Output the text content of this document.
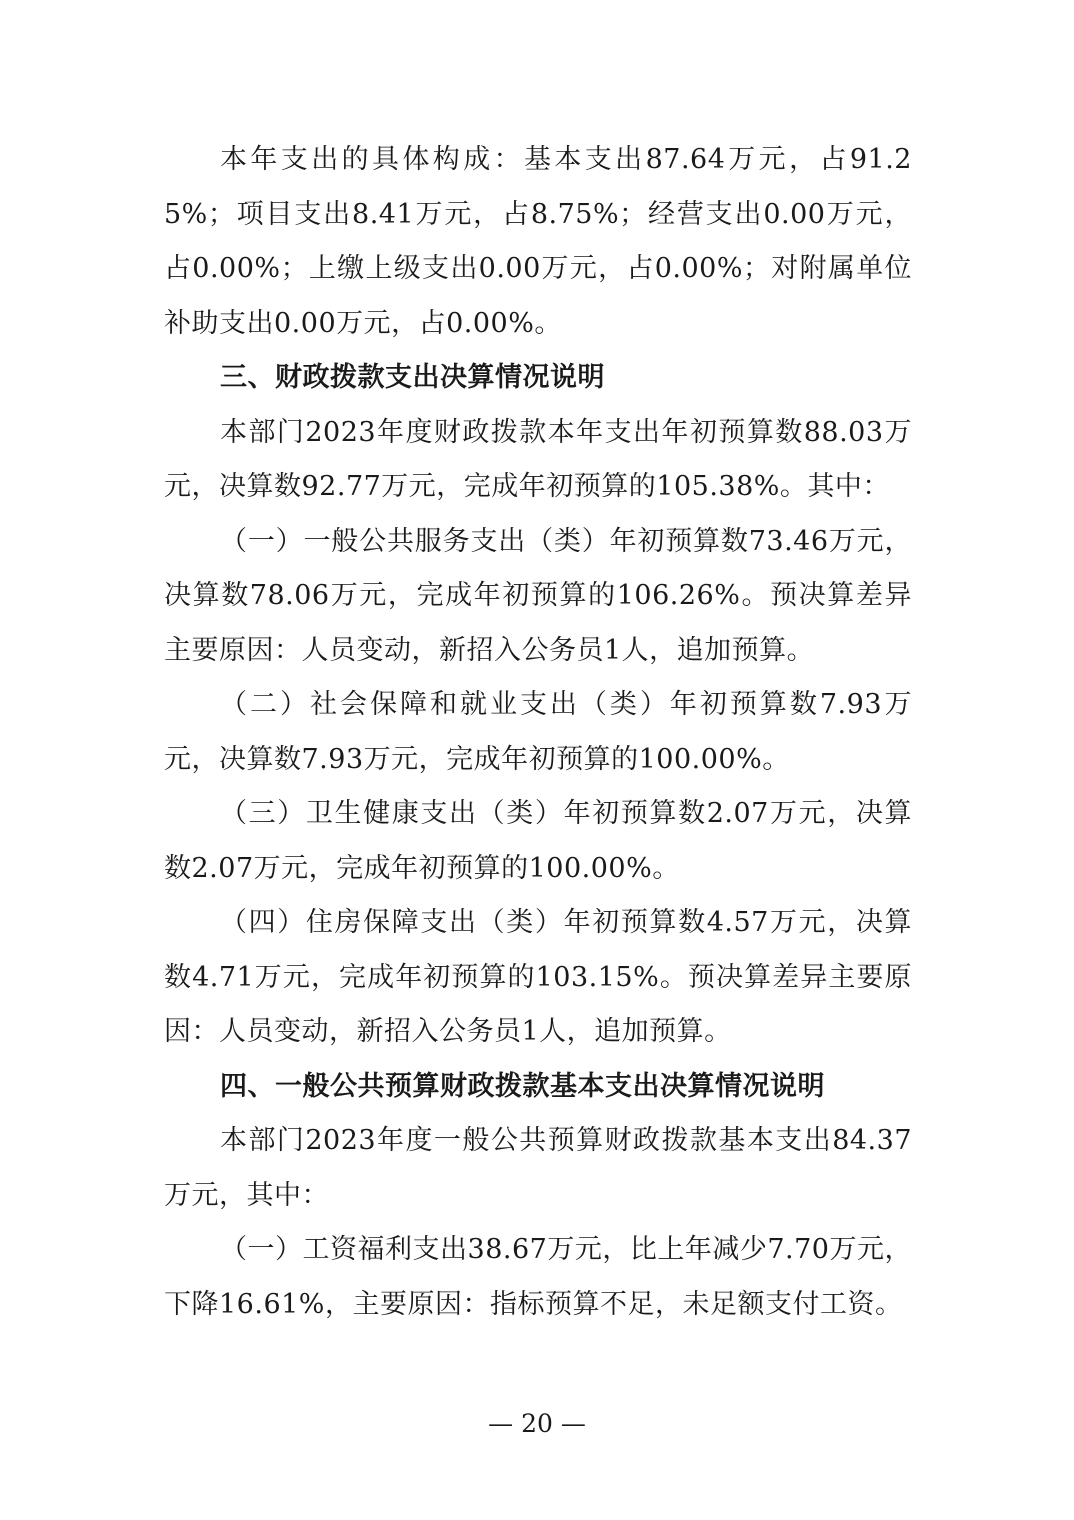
本年支出的具体构成：基本支出87.64万元，占91.25%；项目支出8.41万元，占8.75%；经营支出0.00万元，占0.00%；上缴上级支出0.00万元，占0.00%；对附属单位补助支出0.00万元，占0.00%。

三、财政拨款支出决算情况说明

本部门2023年度财政拨款本年支出年初预算数88.03万元，决算数92.77万元，完成年初预算的105.38%。其中：

（一）一般公共服务支出（类）年初预算数73.46万元，决算数78.06万元，完成年初预算的106.26%。预决算差异主要原因：人员变动，新招入公务员1人，追加预算。

（二）社会保障和就业支出（类）年初预算数7.93万元，决算数7.93万元，完成年初预算的100.00%。

（三）卫生健康支出（类）年初预算数2.07万元，决算数2.07万元，完成年初预算的100.00%。

（四）住房保障支出（类）年初预算数4.57万元，决算数4.71万元，完成年初预算的103.15%。预决算差异主要原因：人员变动，新招入公务员1人，追加预算。

四、一般公共预算财政拨款基本支出决算情况说明

本部门2023年度一般公共预算财政拨款基本支出84.37万元，其中：

（一）工资福利支出38.67万元，比上年减少7.70万元，下降16.61%，主要原因：指标预算不足，未足额支付工资。

— 20 —
